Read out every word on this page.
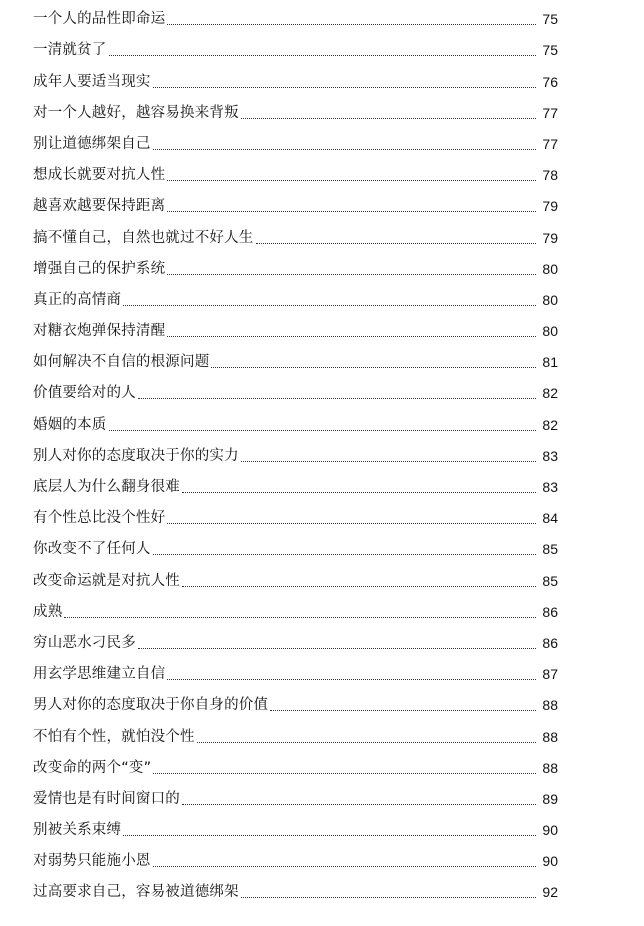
一个人的品性即命运	75
一清就贫了	75
成年人要适当现实	76
对一个人越好，越容易换来背叛	77
别让道德绑架自己	77
想成长就要对抗人性	78
越喜欢越要保持距离	79
搞不懂自己，自然也就过不好人生	79
增强自己的保护系统	80
真正的高情商	80
对糖衣炮弹保持清醒	80
如何解决不自信的根源问题	81
价值要给对的人	82
婚姻的本质	82
别人对你的态度取决于你的实力	83
底层人为什么翻身很难	83
有个性总比没个性好	84
你改变不了任何人	85
改变命运就是对抗人性	85
成熟	86
穷山恶水刁民多	86
用玄学思维建立自信	87
男人对你的态度取决于你自身的价值	88
不怕有个性，就怕没个性	88
改变命的两个“变”	88
爱情也是有时间窗口的	89
别被关系束缚	90
对弱势只能施小恩	90
过高要求自己，容易被道德绑架	92
